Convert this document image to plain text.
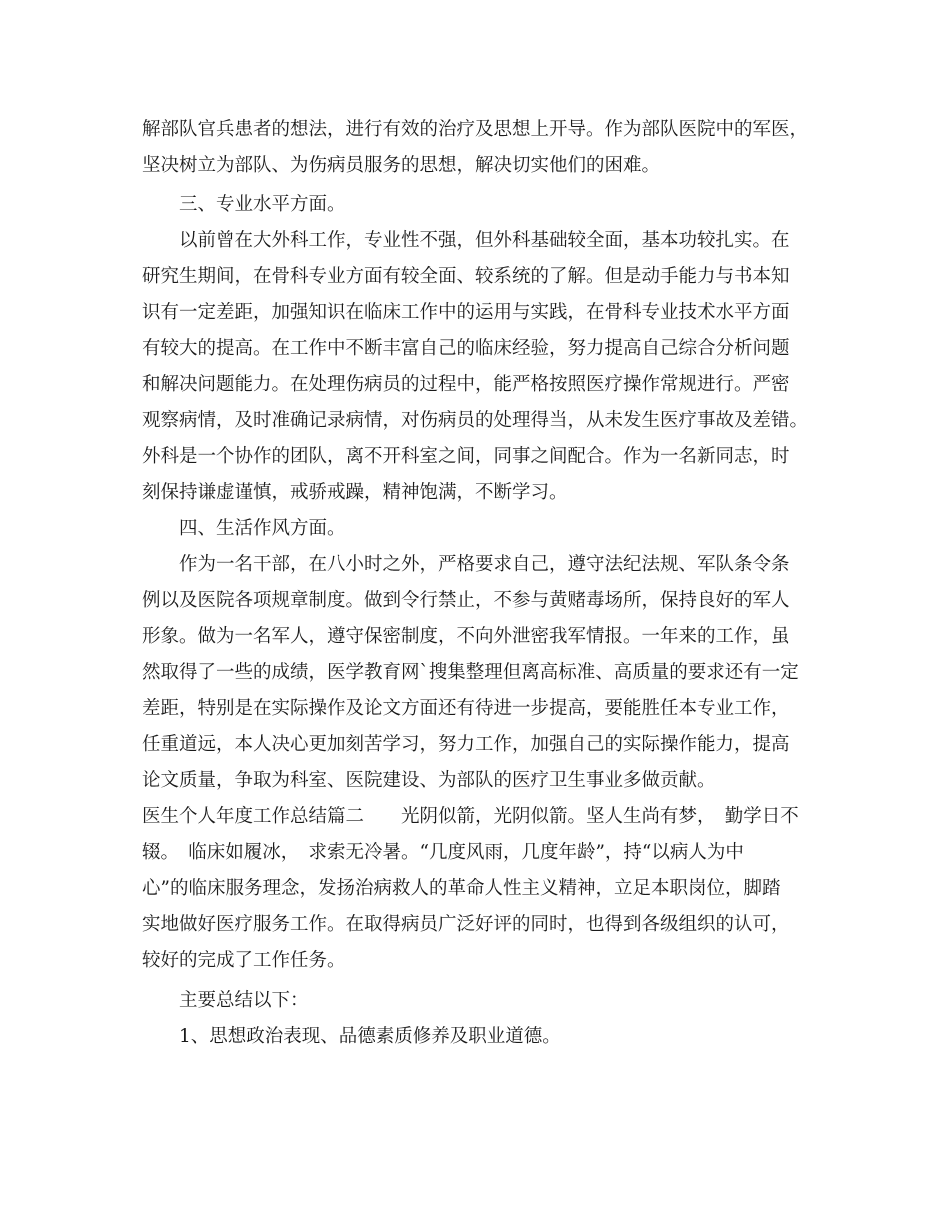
解部队官兵患者的想法，进行有效的治疗及思想上开导。作为部队医院中的军医，
坚决树立为部队、为伤病员服务的思想，解决切实他们的困难。
三、专业水平方面。
以前曾在大外科工作，专业性不强，但外科基础较全面，基本功较扎实。在
研究生期间，在骨科专业方面有较全面、较系统的了解。但是动手能力与书本知
识有一定差距，加强知识在临床工作中的运用与实践，在骨科专业技术水平方面
有较大的提高。在工作中不断丰富自己的临床经验，努力提高自己综合分析问题
和解决问题能力。在处理伤病员的过程中，能严格按照医疗操作常规进行。严密
观察病情，及时准确记录病情，对伤病员的处理得当，从未发生医疗事故及差错。
外科是一个协作的团队，离不开科室之间，同事之间配合。作为一名新同志，时
刻保持谦虚谨慎，戒骄戒躁，精神饱满，不断学习。
四、生活作风方面。
作为一名干部，在八小时之外，严格要求自己，遵守法纪法规、军队条令条
例以及医院各项规章制度。做到令行禁止，不参与黄赌毒场所，保持良好的军人
形象。做为一名军人，遵守保密制度，不向外泄密我军情报。一年来的工作，虽
然取得了一些的成绩，医学教育网`搜集整理但离高标准、高质量的要求还有一定
差距，特别是在实际操作及论文方面还有待进一步提高，要能胜任本专业工作，
任重道远，本人决心更加刻苦学习，努力工作，加强自己的实际操作能力，提高
论文质量，争取为科室、医院建设、为部队的医疗卫生事业多做贡献。
医生个人年度工作总结篇二　　光阴似箭，光阴似箭。坚人生尚有梦，　勤学日不
辍。　临床如履冰，　求索无冷暑。“几度风雨，几度年龄”，持“以病人为中
心”的临床服务理念，发扬治病救人的革命人性主义精神，立足本职岗位，脚踏
实地做好医疗服务工作。在取得病员广泛好评的同时，也得到各级组织的认可，
较好的完成了工作任务。
主要总结以下：
1、思想政治表现、品德素质修养及职业道德。
